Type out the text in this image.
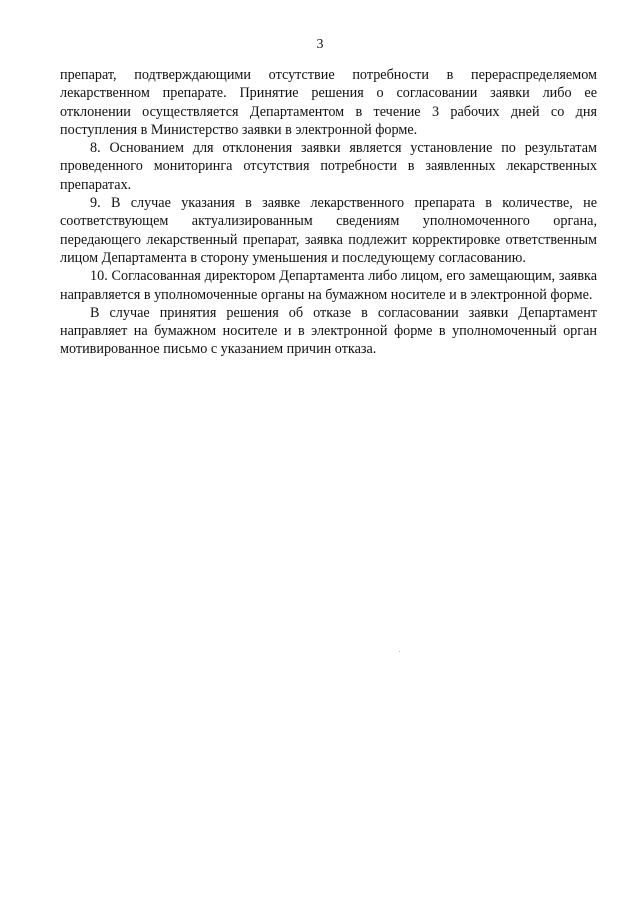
3

препарат, подтверждающими отсутствие потребности в перераспределяемом лекарственном препарате. Принятие решения о согласовании заявки либо ее отклонении осуществляется Департаментом в течение 3 рабочих дней со дня поступления в Министерство заявки в электронной форме.

8. Основанием для отклонения заявки является установление по результатам проведенного мониторинга отсутствия потребности в заявленных лекарственных препаратах.

9. В случае указания в заявке лекарственного препарата в количестве, не соответствующем актуализированным сведениям уполномоченного органа, передающего лекарственный препарат, заявка подлежит корректировке ответственным лицом Департамента в сторону уменьшения и последующему согласованию.

10. Согласованная директором Департамента либо лицом, его замещающим, заявка направляется в уполномоченные органы на бумажном носителе и в электронной форме.

В случае принятия решения об отказе в согласовании заявки Департамент направляет на бумажном носителе и в электронной форме в уполномоченный орган мотивированное письмо с указанием причин отказа.
